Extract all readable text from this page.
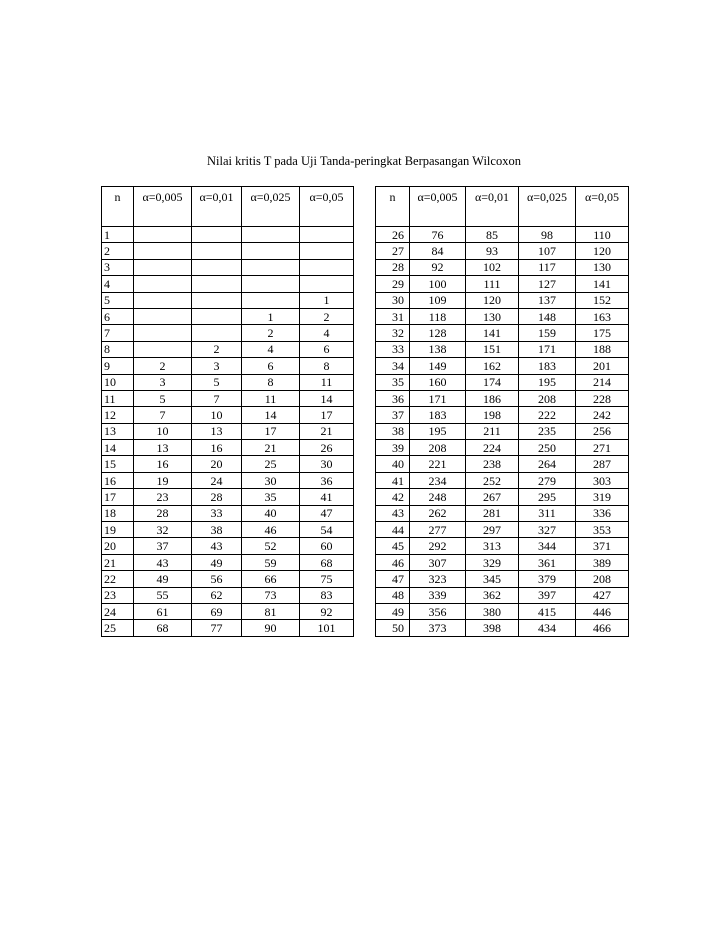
Nilai kritis T pada Uji Tanda-peringkat Berpasangan Wilcoxon
n	α=0,005	α=0,01	α=0,025	α=0,05		n	α=0,005	α=0,01	α=0,025	α=0,05
1						26	76	85	98	110
2						27	84	93	107	120
3						28	92	102	117	130
4						29	100	111	127	141
5				1		30	109	120	137	152
6			1	2		31	118	130	148	163
7			2	4		32	128	141	159	175
8		2	4	6		33	138	151	171	188
9	2	3	6	8		34	149	162	183	201
10	3	5	8	11		35	160	174	195	214
11	5	7	11	14		36	171	186	208	228
12	7	10	14	17		37	183	198	222	242
13	10	13	17	21		38	195	211	235	256
14	13	16	21	26		39	208	224	250	271
15	16	20	25	30		40	221	238	264	287
16	19	24	30	36		41	234	252	279	303
17	23	28	35	41		42	248	267	295	319
18	28	33	40	47		43	262	281	311	336
19	32	38	46	54		44	277	297	327	353
20	37	43	52	60		45	292	313	344	371
21	43	49	59	68		46	307	329	361	389
22	49	56	66	75		47	323	345	379	208
23	55	62	73	83		48	339	362	397	427
24	61	69	81	92		49	356	380	415	446
25	68	77	90	101		50	373	398	434	466
